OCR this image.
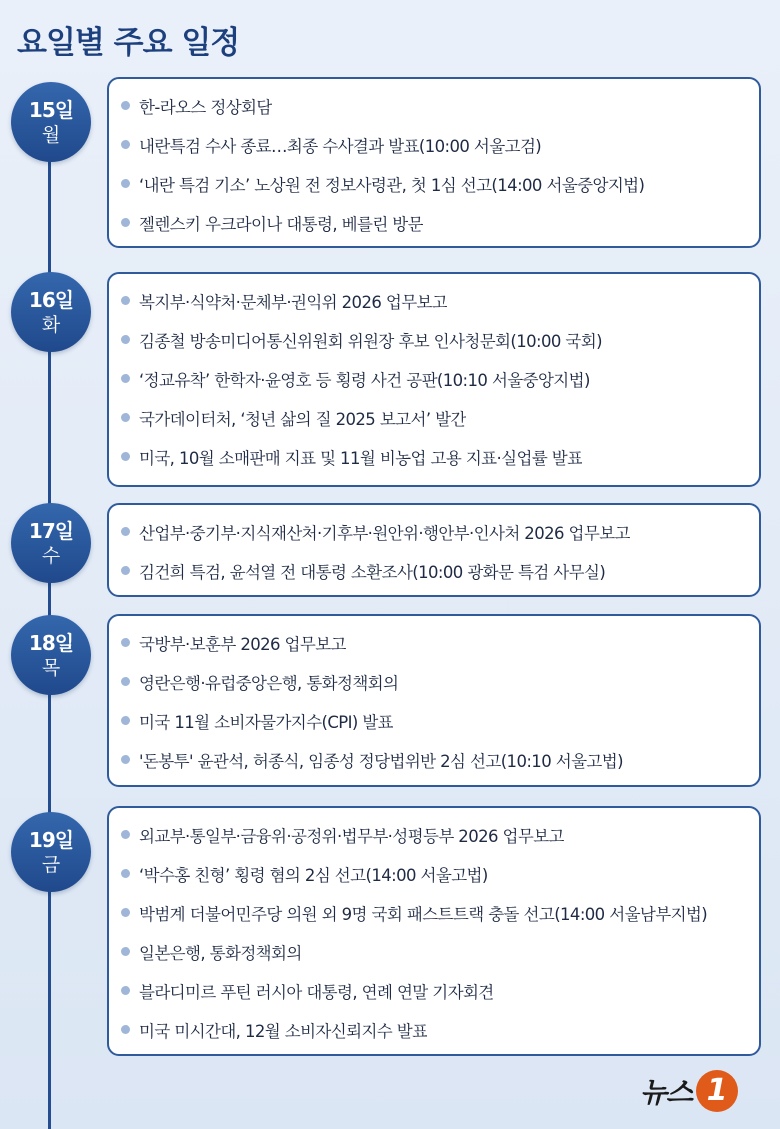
요일별 주요 일정
15일
월
한-라오스 정상회담
내란특검 수사 종료…최종 수사결과 발표(10:00 서울고검)
‘내란 특검 기소’ 노상원 전 정보사령관, 첫 1심 선고(14:00 서울중앙지법)
젤렌스키 우크라이나 대통령, 베를린 방문
16일
화
복지부·식약처·문체부·권익위 2026 업무보고
김종철 방송미디어통신위원회 위원장 후보 인사청문회(10:00 국회)
‘정교유착’ 한학자·윤영호 등 횡령 사건 공판(10:10 서울중앙지법)
국가데이터처, ‘청년 삶의 질 2025 보고서’ 발간
미국, 10월 소매판매 지표 및 11월 비농업 고용 지표·실업률 발표
17일
수
산업부·중기부·지식재산처·기후부·원안위·행안부·인사처 2026 업무보고
김건희 특검, 윤석열 전 대통령 소환조사(10:00 광화문 특검 사무실)
18일
목
국방부·보훈부 2026 업무보고
영란은행·유럽중앙은행, 통화정책회의
미국 11월 소비자물가지수(CPI) 발표
'돈봉투' 윤관석, 허종식, 임종성 정당법위반 2심 선고(10:10 서울고법)
19일
금
외교부·통일부·금융위·공정위·법무부·성평등부 2026 업무보고
‘박수홍 친형’ 횡령 혐의 2심 선고(14:00 서울고법)
박범계 더불어민주당 의원 외 9명 국회 패스트트랙 충돌 선고(14:00 서울남부지법)
일본은행, 통화정책회의
블라디미르 푸틴 러시아 대통령, 연례 연말 기자회견
미국 미시간대, 12월 소비자신뢰지수 발표
뉴스 1
